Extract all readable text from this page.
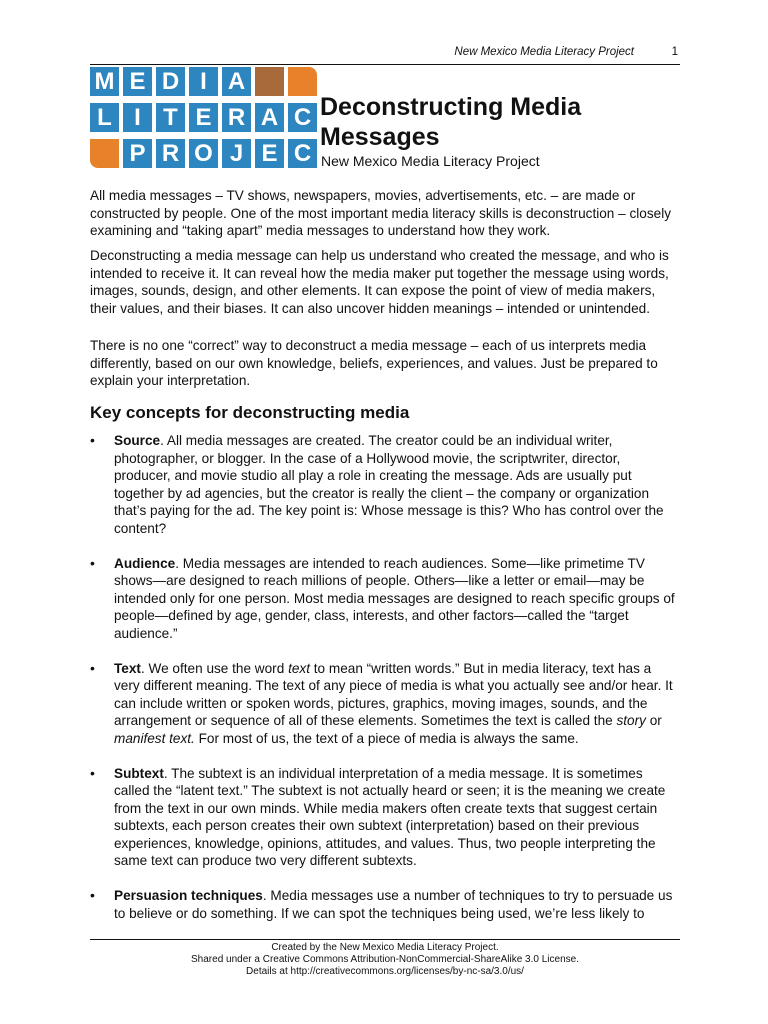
New Mexico Media Literacy Project	1
M E D I A
L I T E R A C
P R O J E C
Deconstructing Media Messages
New Mexico Media Literacy Project

All media messages – TV shows, newspapers, movies, advertisements, etc. – are made or constructed by people. One of the most important media literacy skills is deconstruction – closely examining and “taking apart” media messages to understand how they work.

Deconstructing a media message can help us understand who created the message, and who is intended to receive it. It can reveal how the media maker put together the message using words, images, sounds, design, and other elements. It can expose the point of view of media makers, their values, and their biases. It can also uncover hidden meanings – intended or unintended.

There is no one “correct” way to deconstruct a media message – each of us interprets media differently, based on our own knowledge, beliefs, experiences, and values. Just be prepared to explain your interpretation.

Key concepts for deconstructing media
• Source. All media messages are created. The creator could be an individual writer, photographer, or blogger. In the case of a Hollywood movie, the scriptwriter, director, producer, and movie studio all play a role in creating the message. Ads are usually put together by ad agencies, but the creator is really the client – the company or organization that’s paying for the ad. The key point is: Whose message is this? Who has control over the content?
• Audience. Media messages are intended to reach audiences. Some—like primetime TV shows—are designed to reach millions of people. Others—like a letter or email—may be intended only for one person. Most media messages are designed to reach specific groups of people—defined by age, gender, class, interests, and other factors—called the “target audience.”
• Text. We often use the word text to mean “written words.” But in media literacy, text has a very different meaning. The text of any piece of media is what you actually see and/or hear. It can include written or spoken words, pictures, graphics, moving images, sounds, and the arrangement or sequence of all of these elements. Sometimes the text is called the story or manifest text. For most of us, the text of a piece of media is always the same.
• Subtext. The subtext is an individual interpretation of a media message. It is sometimes called the “latent text.” The subtext is not actually heard or seen; it is the meaning we create from the text in our own minds. While media makers often create texts that suggest certain subtexts, each person creates their own subtext (interpretation) based on their previous experiences, knowledge, opinions, attitudes, and values. Thus, two people interpreting the same text can produce two very different subtexts.
• Persuasion techniques. Media messages use a number of techniques to try to persuade us to believe or do something. If we can spot the techniques being used, we’re less likely to
Created by the New Mexico Media Literacy Project.
Shared under a Creative Commons Attribution-NonCommercial-ShareAlike 3.0 License.
Details at http://creativecommons.org/licenses/by-nc-sa/3.0/us/
